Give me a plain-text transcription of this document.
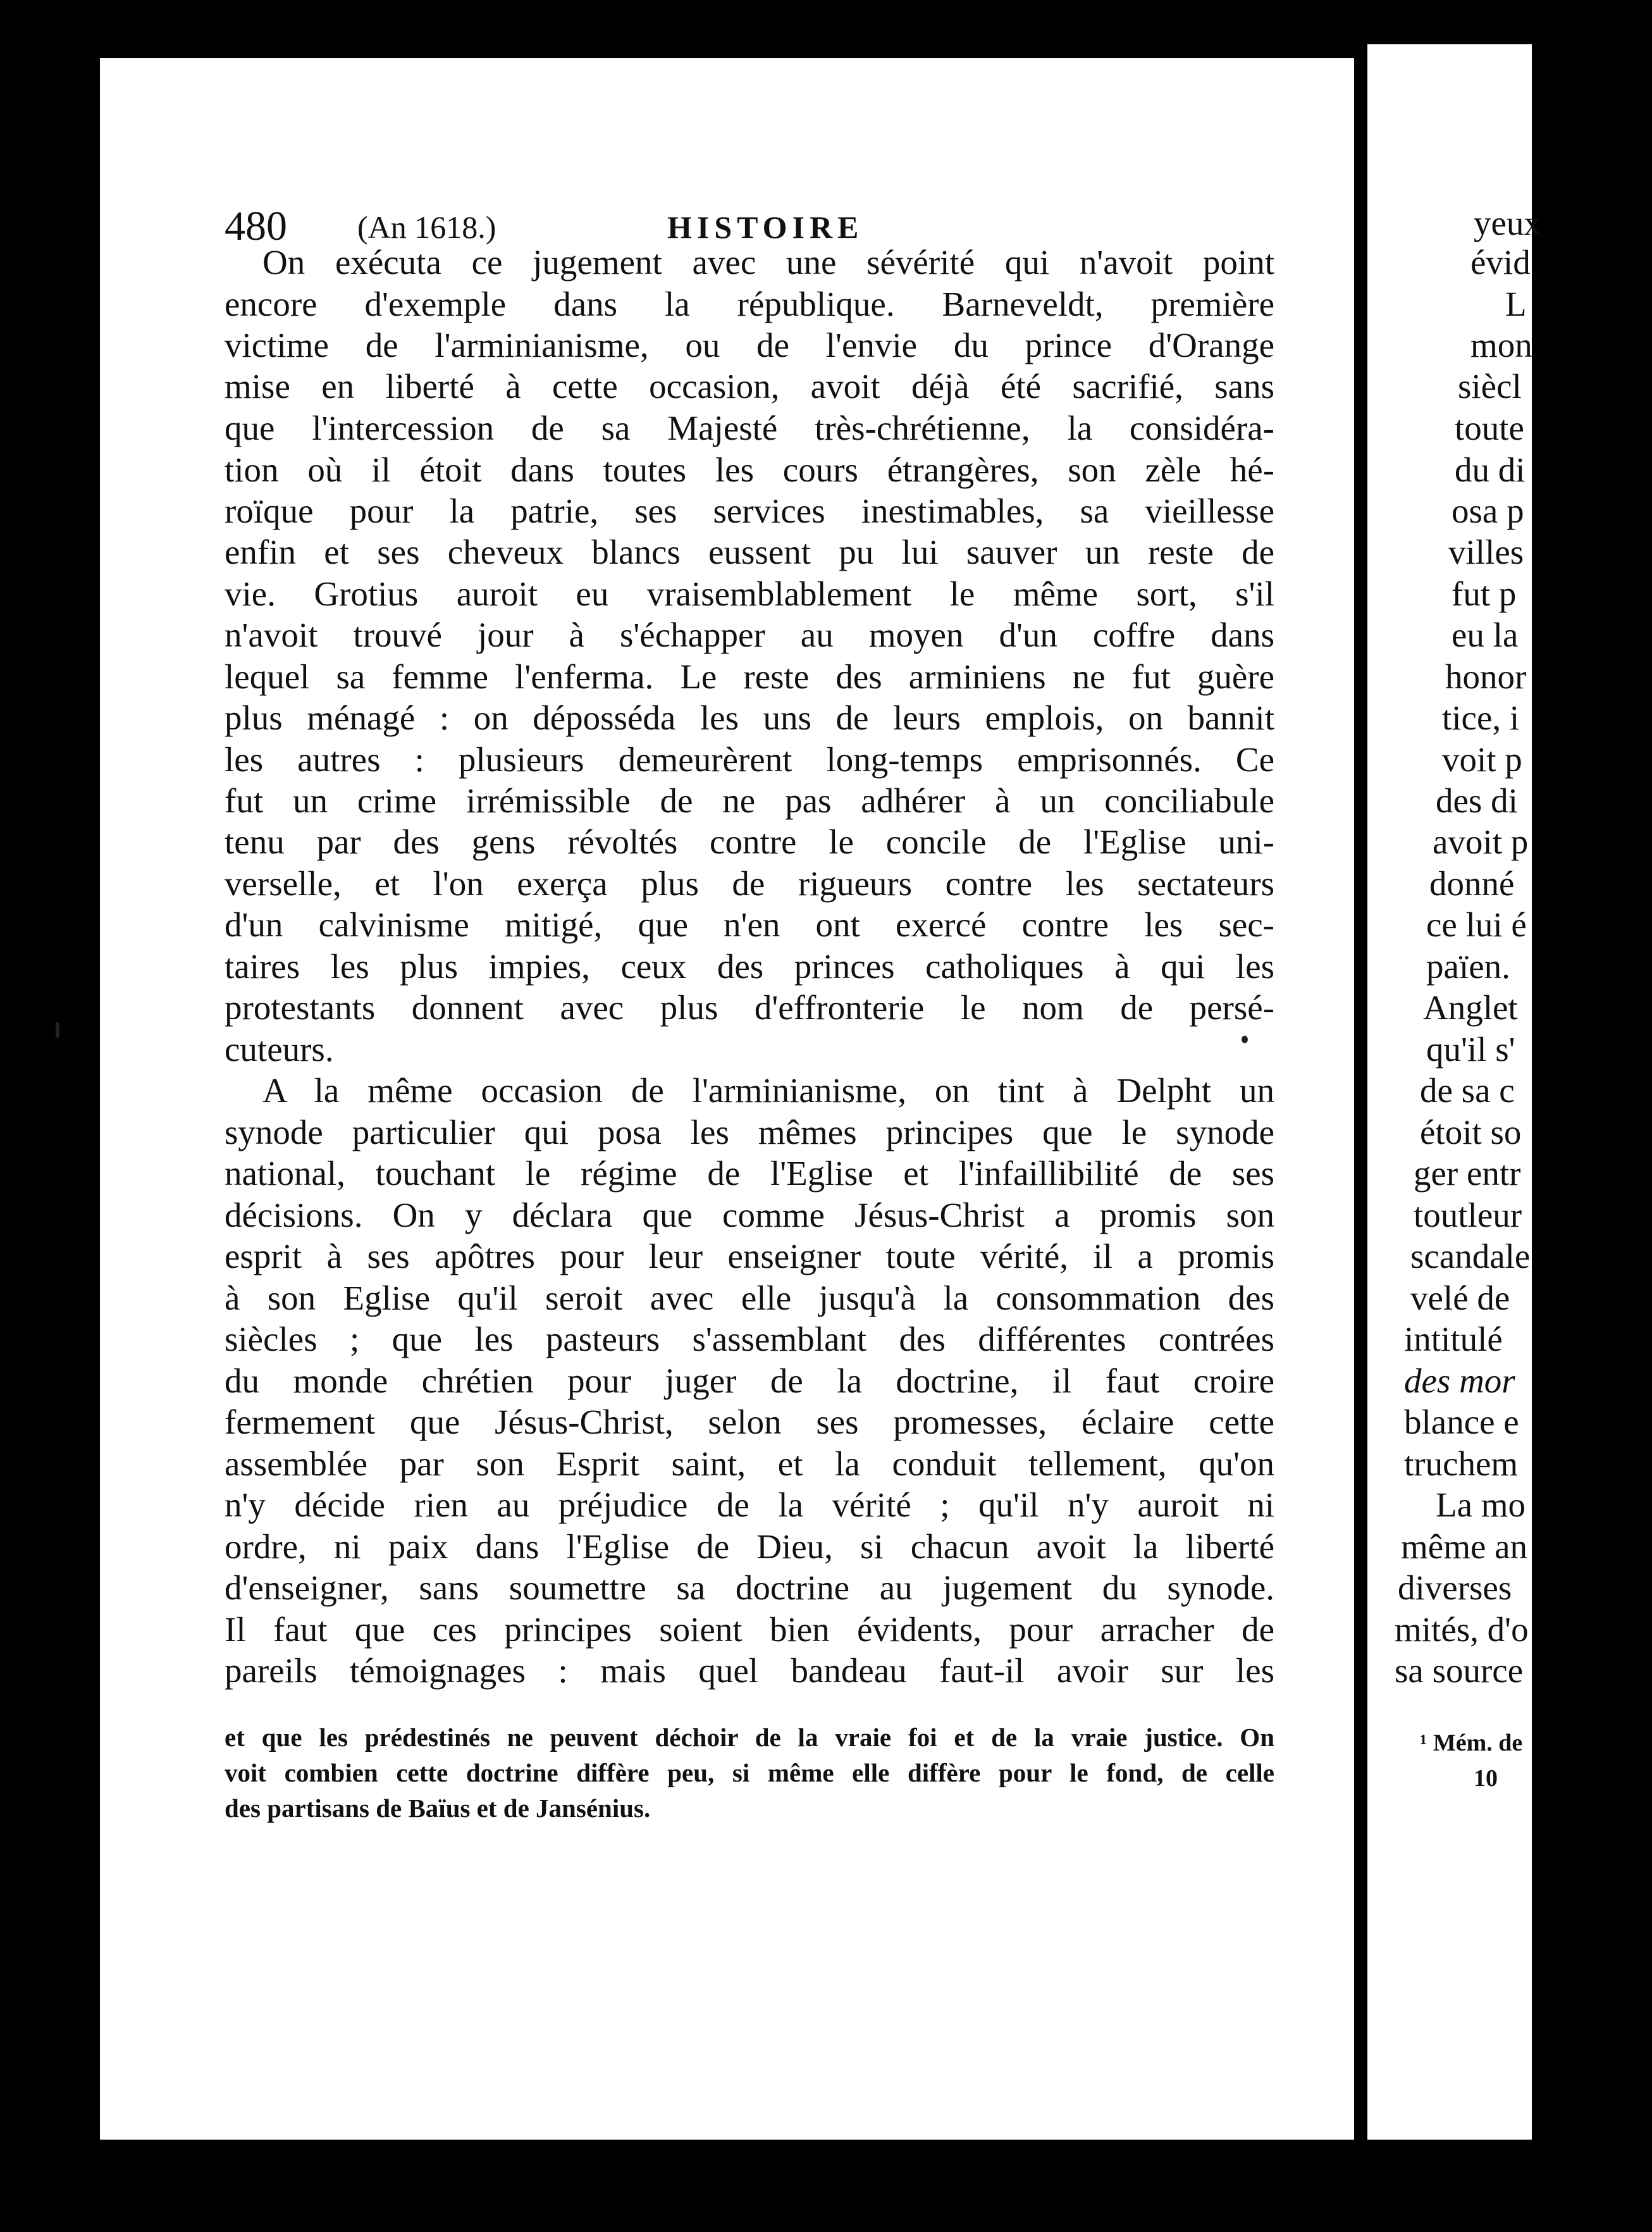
480 (An 1618.)	HISTOIRE
On exécuta ce jugement avec une sévérité qui n'avoit point
encore d'exemple dans la république. Barneveldt, première
victime de l'arminianisme, ou de l'envie du prince d'Orange
mise en liberté à cette occasion, avoit déjà été sacrifié, sans
que l'intercession de sa Majesté très-chrétienne, la considéra-
tion où il étoit dans toutes les cours étrangères, son zèle hé-
roïque pour la patrie, ses services inestimables, sa vieillesse
enfin et ses cheveux blancs eussent pu lui sauver un reste de
vie. Grotius auroit eu vraisemblablement le même sort, s'il
n'avoit trouvé jour à s'échapper au moyen d'un coffre dans
lequel sa femme l'enferma. Le reste des arminiens ne fut guère
plus ménagé : on déposséda les uns de leurs emplois, on bannit
les autres : plusieurs demeurèrent long-temps emprisonnés. Ce
fut un crime irrémissible de ne pas adhérer à un conciliabule
tenu par des gens révoltés contre le concile de l'Eglise uni-
verselle, et l'on exerça plus de rigueurs contre les sectateurs
d'un calvinisme mitigé, que n'en ont exercé contre les sec-
taires les plus impies, ceux des princes catholiques à qui les
protestants donnent avec plus d'effronterie le nom de persé-
cuteurs.
A la même occasion de l'arminianisme, on tint à Delpht un
synode particulier qui posa les mêmes principes que le synode
national, touchant le régime de l'Eglise et l'infaillibilité de ses
décisions. On y déclara que comme Jésus-Christ a promis son
esprit à ses apôtres pour leur enseigner toute vérité, il a promis
à son Eglise qu'il seroit avec elle jusqu'à la consommation des
siècles ; que les pasteurs s'assemblant des différentes contrées
du monde chrétien pour juger de la doctrine, il faut croire
fermement que Jésus-Christ, selon ses promesses, éclaire cette
assemblée par son Esprit saint, et la conduit tellement, qu'on
n'y décide rien au préjudice de la vérité ; qu'il n'y auroit ni
ordre, ni paix dans l'Eglise de Dieu, si chacun avoit la liberté
d'enseigner, sans soumettre sa doctrine au jugement du synode.
Il faut que ces principes soient bien évidents, pour arracher de
pareils témoignages : mais quel bandeau faut-il avoir sur les
et que les prédestinés ne peuvent déchoir de la vraie foi et de la vraie justice. On
voit combien cette doctrine diffère peu, si même elle diffère pour le fond, de celle
des partisans de Baïus et de Jansénius.
yeux
évid
L
mon
siècl
toute
du di
osa p
villes
fut p
eu la
honor
tice, i
voit p
des di
avoit p
donné
ce lui é
païen.
Anglet
qu'il s'
de sa c
étoit so
ger entr
toutleur
scandale
velé de
intitulé
des mor
blance e
truchem
La mo
même an
diverses
mités, d'o
sa source
¹ Mém. de
10
